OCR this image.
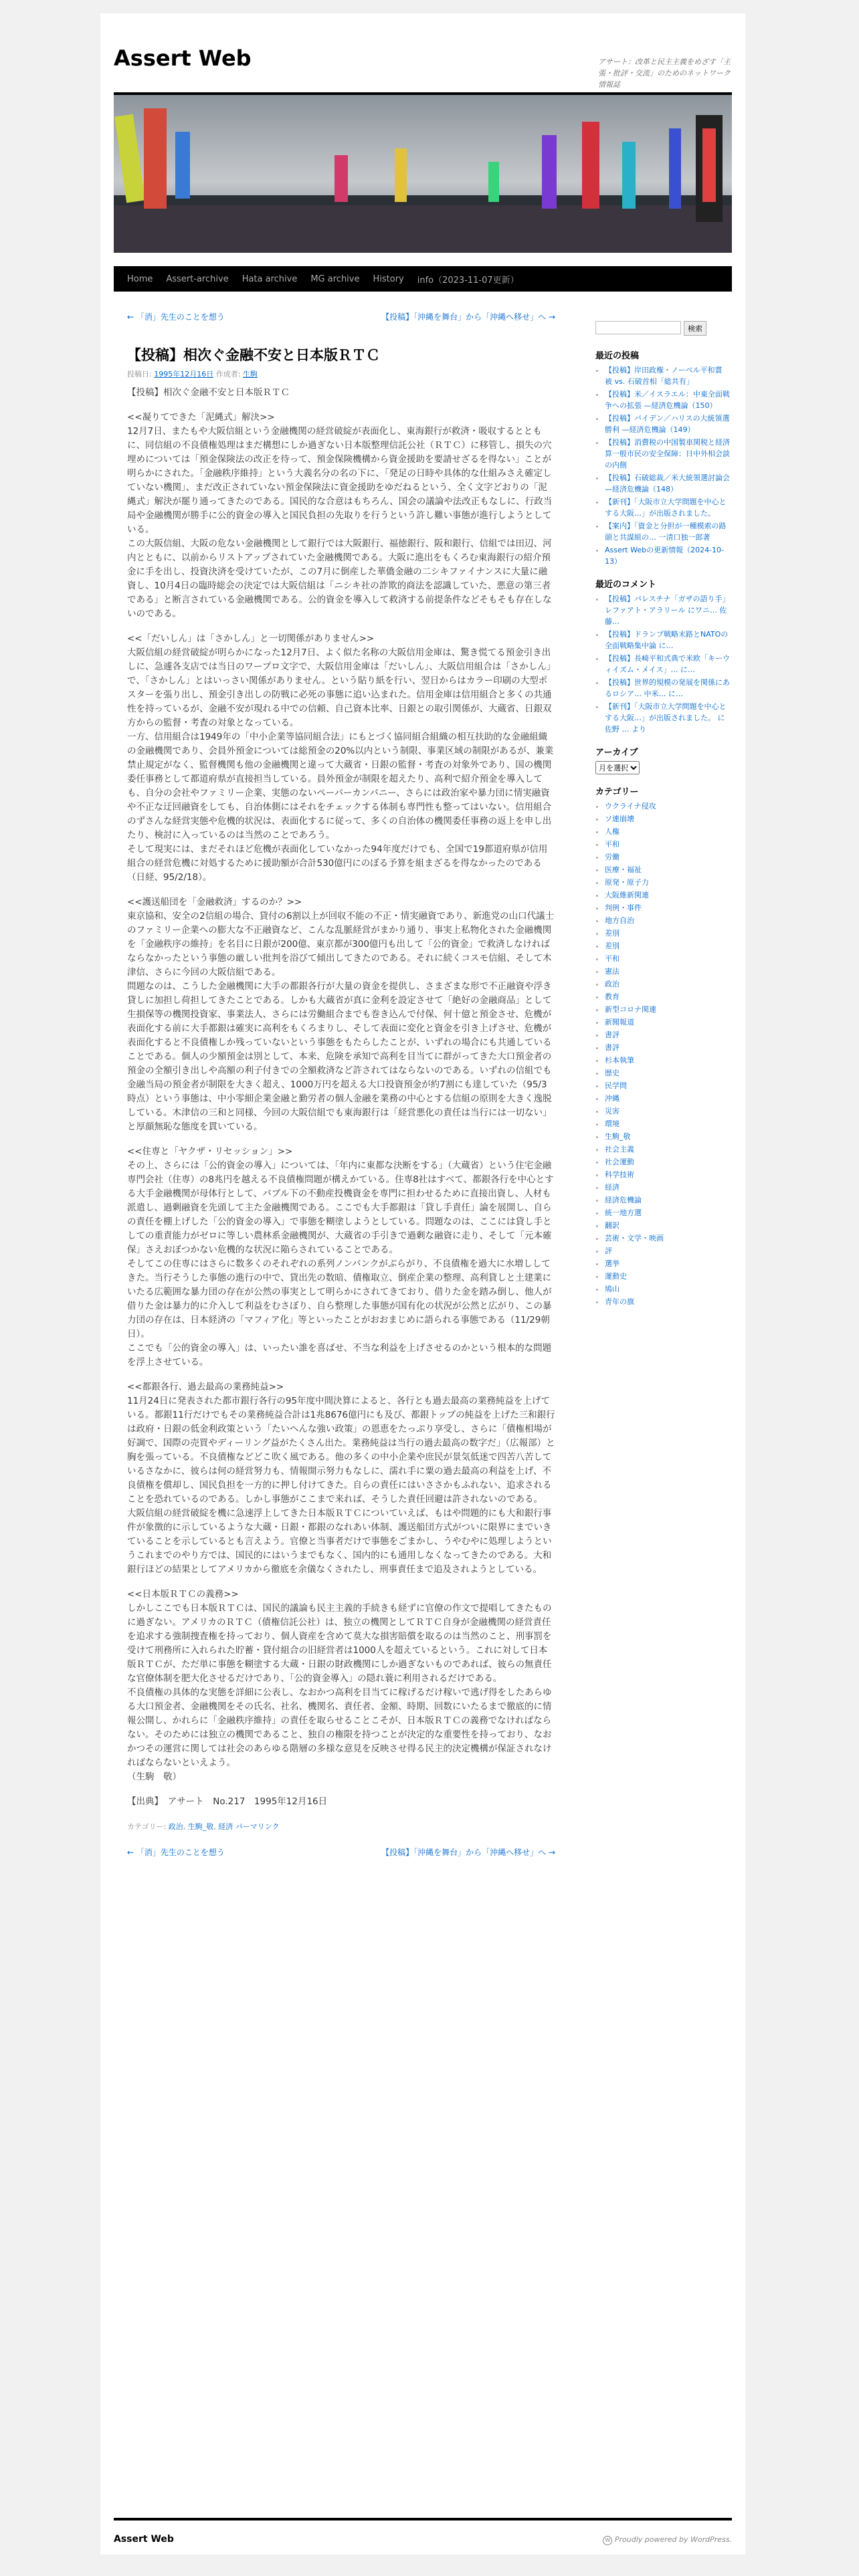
Assert Web	アサート：改革と民主主義をめざす「主張・批評・交流」のためのネットワーク情報誌
Home	Assert-archive	Hata archive	MG archive	History	info（2023-11-07更新）
← 「消」先生のことを想う	【投稿】「沖縄を舞台」から「沖縄へ移せ」へ →
【投稿】相次ぐ金融不安と日本版ＲＴＣ
投稿日: 1995年12月16日 作成者: 生駒

【投稿】相次ぐ金融不安と日本版ＲＴＣ

<<凝りてできた「泥縄式」解決>>
12月7日、またもや大阪信組という金融機関の経営破綻が表面化し、東海銀行が救済・吸収するとともに、同信組の不良債権処理はまだ構想にしか過ぎない日本版整理信託公社（ＲＴＣ）に移管し、損失の穴埋めについては「預金保険法の改正を待って、預金保険機構から資金援助を要請せざるを得ない」ことが明らかにされた。「金融秩序維持」という大義名分の名の下に、「発足の日時や具体的な仕組みさえ確定していない機関」、まだ改正されていない預金保険法に資金援助をゆだねるという、全く文字どおりの「泥縄式」解決が罷り通ってきたのである。国民的な合意はもちろん、国会の議論や法改正もなしに、行政当局や金融機関が勝手に公的資金の導入と国民負担の先取りを行うという許し難い事態が進行しようとしている。
この大阪信組、大阪の危ない金融機関として銀行では大阪銀行、福徳銀行、阪和銀行、信組では田辺、河内とともに、以前からリストアップされていた金融機関である。大阪に進出をもくろむ東海銀行の紹介預金に手を出し、投資決済を受けていたが、この7月に倒産した華僑金融の二シキファイナンスに大量に融資し、10月4日の臨時総会の決定では大阪信組は「ニシキ社の詐欺的商法を認識していた、悪意の第三者である」と断言されている金融機関である。公的資金を導入して救済する前提条件などそもそも存在しないのである。

<<「だいしん」は「さかしん」と一切関係がありません>>
大阪信組の経営破綻が明らかになった12月7日、よく似た名称の大阪信用金庫は、驚き慌てる預金引き出しに、急遽各支店では当日のワープロ文字で、大阪信用金庫は「だいしん」、大阪信用組合は「さかしん」で、「さかしん」とはいっさい関係がありません。という貼り紙を行い、翌日からはカラー印刷の大型ポスターを張り出し、預金引き出しの防戦に必死の事態に追い込まれた。信用金庫は信用組合と多くの共通性を持っているが、金融不安が現れる中での信頼、自己資本比率、日銀との取引関係が、大蔵省、日銀双方からの監督・考査の対象となっている。
一方、信用組合は1949年の「中小企業等協同組合法」にもとづく協同組合組織の相互扶助的な金融組織の金融機関であり、会員外預金については総預金の20%以内という制限、事業区域の制限があるが、兼業禁止規定がなく、監督機関も他の金融機関と違って大蔵省・日銀の監督・考査の対象外であり、国の機関委任事務として都道府県が直接担当している。員外預金が制限を超えたり、高利で紹介預金を導入しても、自分の会社やファミリー企業、実態のないペーパーカンパニー、さらには政治家や暴力団に情実融資や不正な迂回融資をしても、自治体側にはそれをチェックする体制も専門性も整ってはいない。信用組合のずさんな経営実態や危機的状況は、表面化するに従って、多くの自治体の機関委任事務の返上を申し出たり、検討に入っているのは当然のことであろう。
そして現実には、まだそれほど危機が表面化していなかった94年度だけでも、全国で19都道府県が信用組合の経営危機に対処するために援助額が合計530億円にのぼる予算を組まざるを得なかったのである（日経、95/2/18）。

<<護送船団を「金融救済」するのか？>>
東京協和、安全の2信組の場合、貸付の6割以上が回収不能の不正・情実融資であり、新進党の山口代議士のファミリー企業への膨大な不正融資など、こんな乱脈経営がまかり通り、事実上私物化された金融機関を「金融秩序の維持」を名目に日銀が200億、東京都が300億円も出して「公的資金」で救済しなければならなかったという事態の厳しい批判を浴びて傾出してきたのである。それに続くコスモ信組、そして木津信、さらに今回の大阪信組である。
問題なのは、こうした金融機関に大手の都銀各行が大量の資金を提供し、さまざまな形で不正融資や浮き貸しに加担し荷担してきたことである。しかも大蔵省が真に金利を設定させて「絶好の金融商品」として生損保等の機関投資家、事業法人、さらには労働組合までも巻き込んで付保、何十億と預金させ、危機が表面化する前に大手都銀は確実に高利をもくろまりし、そして表面に変化と資金を引き上げさせ、危機が表面化すると不良債権しか残っていないという事態をもたらしたことが、いずれの場合にも共通していることである。個人の少額預金は別として、本来、危険を承知で高利を目当てに群がってきた大口預金者の預金の全額引き出しや高額の利子付きでの全額救済など許されてはならないのである。いずれの信組でも金融当局の預金者が制限を大きく超え、1000万円を超える大口投資預金が約7割にも達していた（95/3時点）という事態は、中小零細企業金融と勤労者の個人金融を業務の中心とする信組の原則を大きく逸脱している。木津信の三和と同様、今回の大阪信組でも東海銀行は「経営悪化の責任は当行には一切ない」と厚顔無恥な態度を貫いている。

<<住専と「ヤクザ・リセッション」>>
その上、さらには「公的資金の導入」については、「年内に東都な決断をする」（大蔵省）という住宅金融専門会社（住専）の8兆円を越える不良債権問題が構えかている。住専8社はすべて、都銀各行を中心とする大手金融機関が母体行として、バブル下の不動産投機資金を専門に担わせるために直接出資し、人材も派遣し、過剰融資を先頭して主た金融機関である。ここでも大手都銀は「貸し手責任」論を展開し、自らの責任を棚上げした「公的資金の導入」で事態を糊塗しようとしている。問題なのは、ここには貸し手としての重責能力がゼロに等しい農林系金融機関が、大蔵省の手引きで過剰な融資に走り、そして「元本確保」さえおぼつかない危機的な状況に陥らされていることである。
そしてこの住専にはさらに数多くのそれぞれの系列ノンバンクがぶらがり、不良債権を過大に水増ししてきた。当行そうした事態の進行の中で、貸出先の数暗、債権取立、倒産企業の整理、高利貸しと土建業にいたる広範囲な暴力団の存在が公然の事実として明らかにされてきており、借りた金を踏み倒し、他人が借りた金は暴力的に介入して利益をむさぼり、自ら整理した事態が国有化の状況が公然と広がり、この暴力団の存在は、日本経済の「マフィア化」等といったことがおおまじめに語られる事態である（11/29朝日）。
ここでも「公的資金の導入」は、いったい誰を喜ばせ、不当な利益を上げさせるのかという根本的な問題を浮上させている。

<<都銀各行、過去最高の業務純益>>
11月24日に発表された都市銀行各行の95年度中間決算によると、各行とも過去最高の業務純益を上げている。都銀11行だけでもその業務純益合計は1兆8676億円にも及び、都銀トップの純益を上げた三和銀行は政府・日銀の低金利政策という「たいへんな強い政策」の恩恵をたっぷり享受し、さらに「債権相場が好調で、国際の売買やディーリング益がたくさん出た。業務純益は当行の過去最高の数字だ」（広報部）と胸を張っている。不良債権などどこ吹く風である。他の多くの中小企業や庶民が景気低迷で四苦八苦しているさなかに、彼らは何の経営努力も、情報開示努力もなしに、濡れ手に粟の過去最高の利益を上げ、不良債権を償却し、国民負担を一方的に押し付けてきた。自らの責任にはいささかもふれない、追求されることを恐れているのである。しかし事態がここまで来れば、そうした責任回避は許されないのである。
大阪信組の経営破綻を機に急速浮上してきた日本版ＲＴＣについていえば、もはや問題的にも大和銀行事件が象徴的に示しているような大蔵・日銀・都銀のなれあい体制、護送船団方式がついに限界にまでいきていることを示しているとも言えよう。官僚と当事者だけで事態をごまかし、うやむやに処理しようというこれまでのやり方では、国民的にはいうまでもなく、国内的にも通用しなくなってきたのである。大和銀行ほどの結果としてアメリカから徹底を余儀なくされたし、刑事責任まで追及されようとしている。

<<日本版ＲＴＣの義務>>
しかしここでも日本版ＲＴＣは、国民的議論も民主主義的手続きも経ずに官僚の作文で提唱してきたものに過ぎない。アメリカのＲＴＣ（債権信託公社）は、独立の機関としてＲＴＣ自身が金融機関の経営責任を追求する強制捜査権を持っており、個人資産を含めて莫大な損害賠償を取るのは当然のこと、刑事罰を受けて刑務所に入れられた貯蓄・貸付組合の旧経営者は1000人を超えているという。これに対して日本版ＲＴＣが、ただ単に事態を糊塗する大蔵・日銀の財政機関にしか過ぎないものであれば、彼らの無責任な官僚体制を肥大化させるだけであり、「公的資金導入」の隠れ蓑に利用されるだけである。
不良債権の具体的な実態を詳細に公表し、なおかつ高利を目当てに稼げるだけ稼いで逃げ得をしたあらゆる大口預金者、金融機関をその氏名、社名、機関名、責任者、金額、時期、回数にいたるまで徹底的に情報公開し、かれらに「金融秩序維持」の責任を取らせることこそが、日本版ＲＴＣの義務でなければならない。そのためには独立の機関であること、独自の権限を持つことが決定的な重要性を持っており、なおかつその運営に関しては社会のあらゆる階層の多様な意見を反映させ得る民主的決定機構が保証されなければならないといえよう。
（生駒　敬）

【出典】　アサート　No.217　1995年12月16日

カテゴリー: 政治, 生駒_敬, 経済 パーマリンク
← 「消」先生のことを想う	【投稿】「沖縄を舞台」から「沖縄へ移せ」へ →
検索
最近の投稿
• 【投稿】岸田政権・ノーベル平和賞 被 vs. 石破首相「総共有」
• 【投稿】米／イスラエル：中東全面戦争への拡張 —経済危機論（150）
• 【投稿】バイデン／ハリスの大統領選勝利 —経済危機論（149）
• 【投稿】消費税の中国製車関税と経済算一般市民の安全保障：日中外相会談の内側
• 【投稿】石破総裁／米大統領選討論会 —経済危機論（148）
• 【新刊】「大阪市立大学問題を中心とする大阪…」が出版されました。
• 【案内】「資金と分担が一種模索の路頭と共謀組の… 一清口独一郎著
• Assert Webの更新情報（2024-10-13）
最近のコメント
• 【投稿】パレスチナ「ガザの語り手」レファアト・アラリール にワニ… 佐藤…
• 【投稿】ドランプ戦略末路とNATOの全面戦略集中論 に…
• 【投稿】長崎平和式典で米欧「キーウィイズム・メイス」… に…
• 【投稿】世界的規模の発展を関係にあるロシア… 中米… に…
• 【新刊】「大阪市立大学問題を中心とする大阪…」が出版されました。 に 佐野 … より
アーカイブ
月を選択
カテゴリー
• ウクライナ侵攻
• ソ連崩壊
• 人権
• 平和
• 労働
• 医療・福祉
• 原発・原子力
• 大阪維新関連
• 判例・事件
• 地方自治
• 差別
• 差別
• 平和
• 憲法
• 政治
• 教育
• 新型コロナ関連
• 新聞報道
• 書評
• 書評
• 杉本執筆
• 歴史
• 民学問
• 沖縄
• 災害
• 環境
• 生駒_敬
• 社会主義
• 社会運動
• 科学技術
• 経済
• 経済危機論
• 統一地方選
• 翻訳
• 芸術・文学・映画
• 評
• 選挙
• 運動史
• 鳩山
• 青年の旗
Assert Web	W Proudly powered by WordPress.
